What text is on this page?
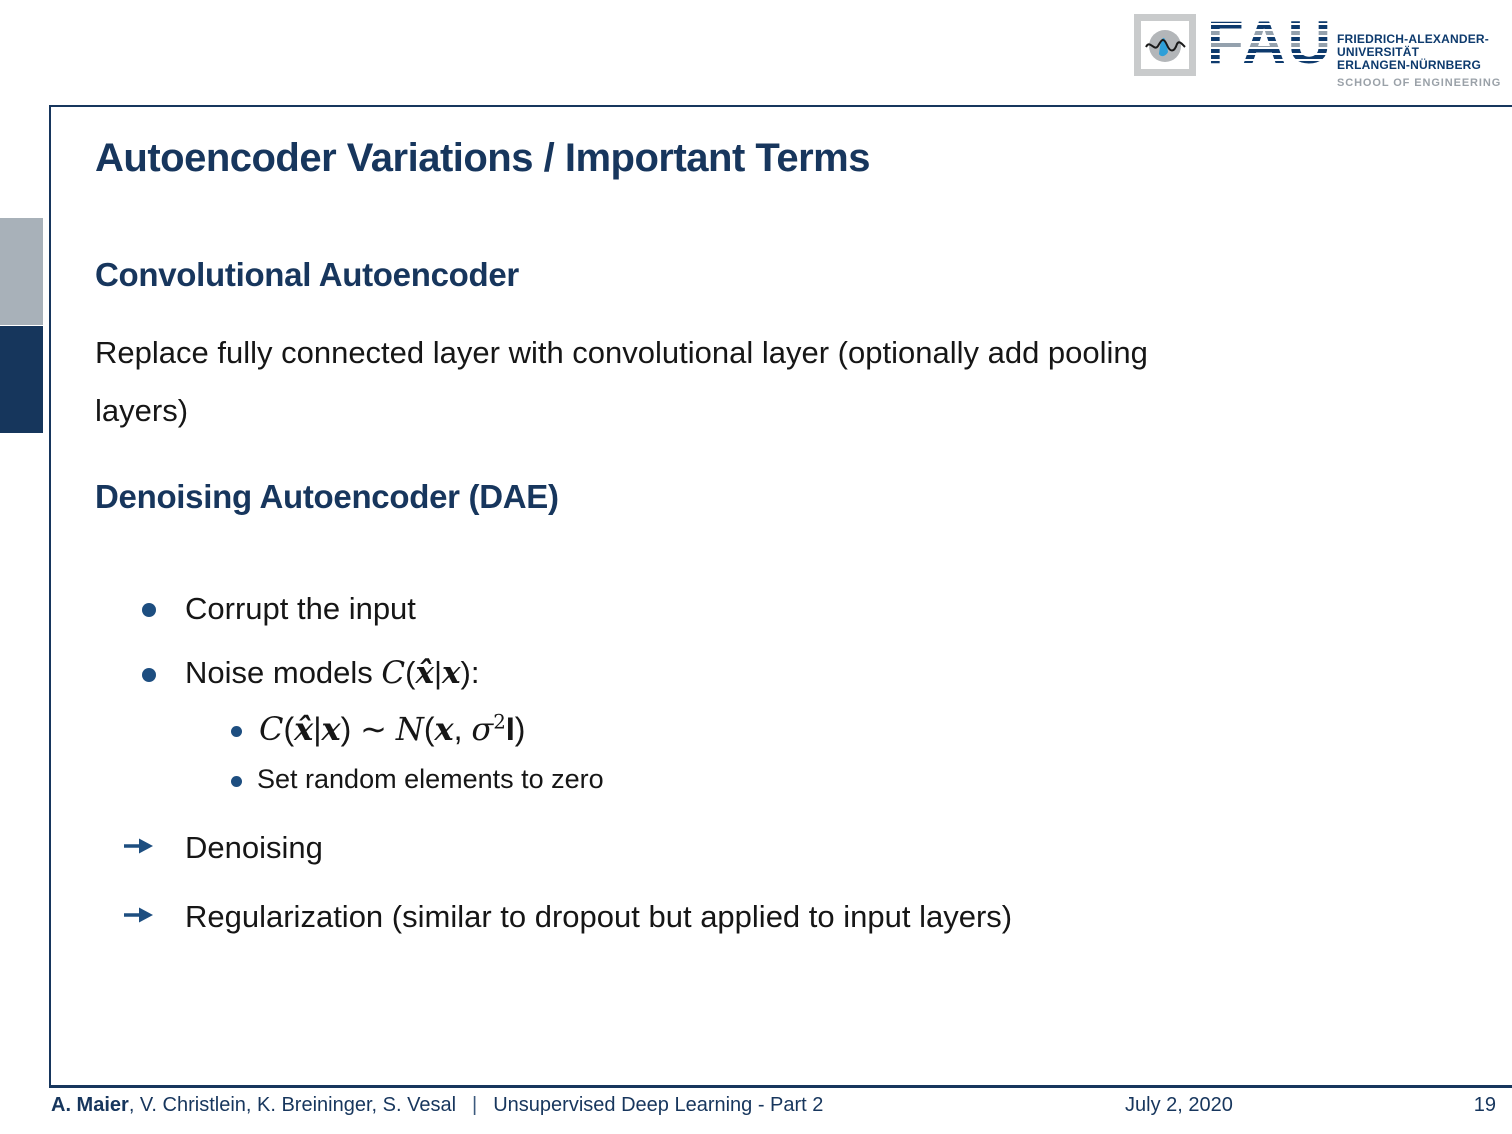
FAU FRIEDRICH-ALEXANDER-
UNIVERSITÄT
ERLANGEN-NÜRNBERG
SCHOOL OF ENGINEERING
Autoencoder Variations / Important Terms
Convolutional Autoencoder
Replace fully connected layer with convolutional layer (optionally add pooling
layers)
Denoising Autoencoder (DAE)
Corrupt the input
Noise models C(x̂|x):
C(x̂|x) ∼ N(x, $\sigma^2I$)
Set random elements to zero
Denoising
Regularization (similar to dropout but applied to input layers)
A. Maier, V. Christlein, K. Breininger, S. Vesal | Unsupervised Deep Learning - Part 2	July 2, 2020	19
